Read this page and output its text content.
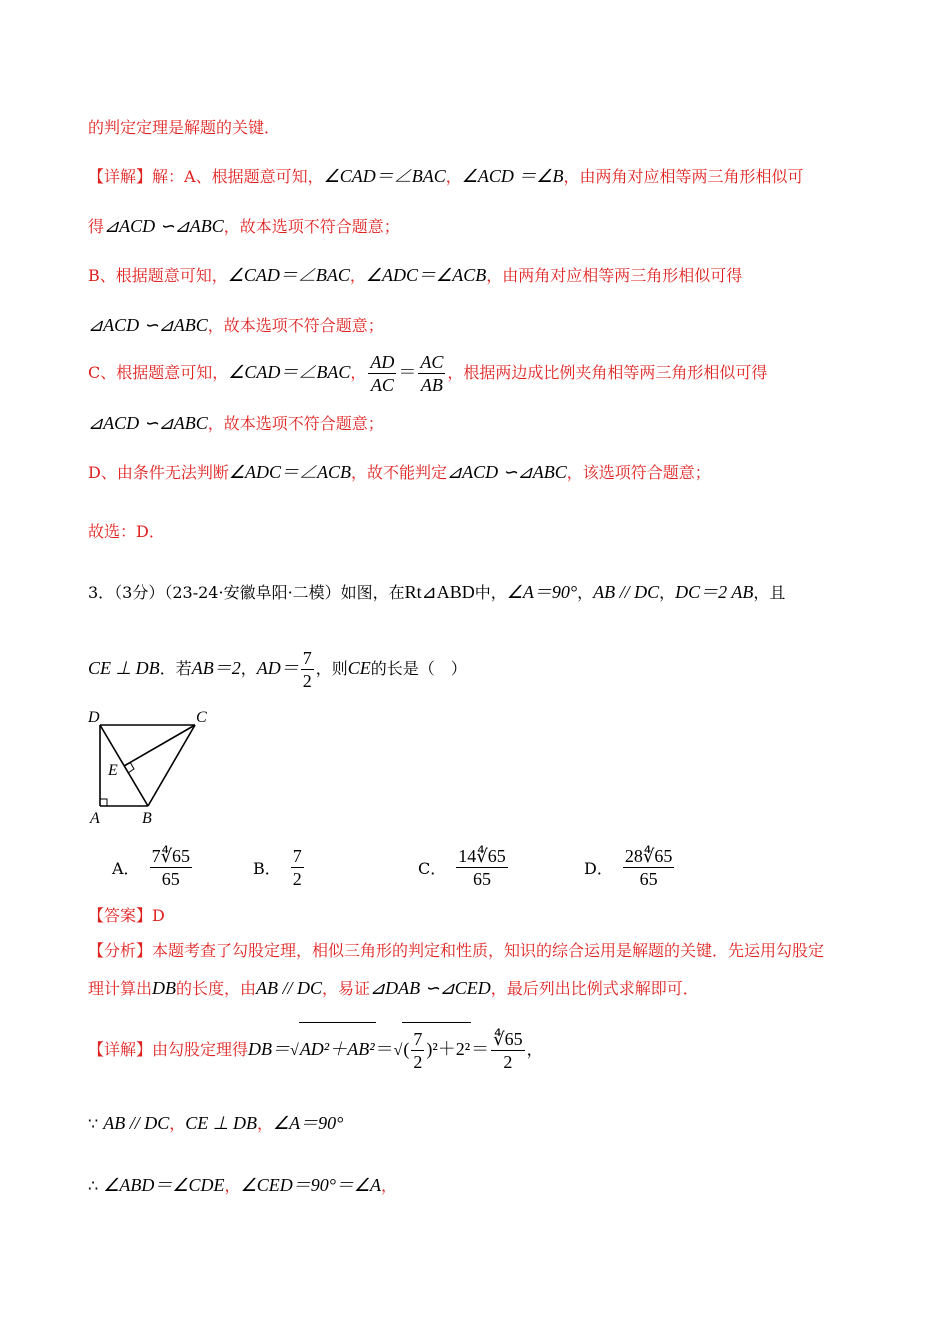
的判定定理是解题的关键．
【详解】解：A、根据题意可知，∠CAD＝∠BAC，∠ACD ＝∠B，由两角对应相等两三角形相似可
得⊿ACD ∽⊿ABC，故本选项不符合题意；
B、根据题意可知，∠CAD＝∠BAC，∠ADC＝∠ACB，由两角对应相等两三角形相似可得
⊿ACD ∽⊿ABC，故本选项不符合题意；
C、根据题意可知，∠CAD＝∠BAC， $\frac{AD}{AC} = \frac{AC}{AB}$ ，根据两边成比例夹角相等两三角形相似可得
⊿ACD ∽⊿ABC，故本选项不符合题意；
D、由条件无法判断∠ADC＝∠ACB，故不能判定⊿ACD ∽⊿ABC，该选项符合题意；
故选：D．
3．（3分）（23-24·安徽阜阳·二模）如图，在Rt⊿ABD中，∠A＝90°，AB // DC，DC＝2 AB，且
CE ⊥ DB．若AB＝2，$AD= \frac{7}{2}$ ，则CE的长是（　）
D	C
E
A	B
A． $\frac{7∜65}{65}$	B． $\frac{7}{2}$	C． $\frac{14∜65}{65}$	D． $\frac{28∜65}{65}$
【答案】D
【分析】本题考查了勾股定理，相似三角形的判定和性质，知识的综合运用是解题的关键．先运用勾股定
理计算出DB的长度，由AB // DC，易证⊿DAB ∽⊿CED，最后列出比例式求解即可．
【详解】由勾股定理得$DB=√AD^2+AB^2=√( \frac{7}{2} )^2+2^2= \frac{∜65}{2}$ ，
∵ AB // DC，CE ⊥ DB，∠A＝90°
∴ ∠ABD＝∠CDE，∠CED＝90°＝∠A，
